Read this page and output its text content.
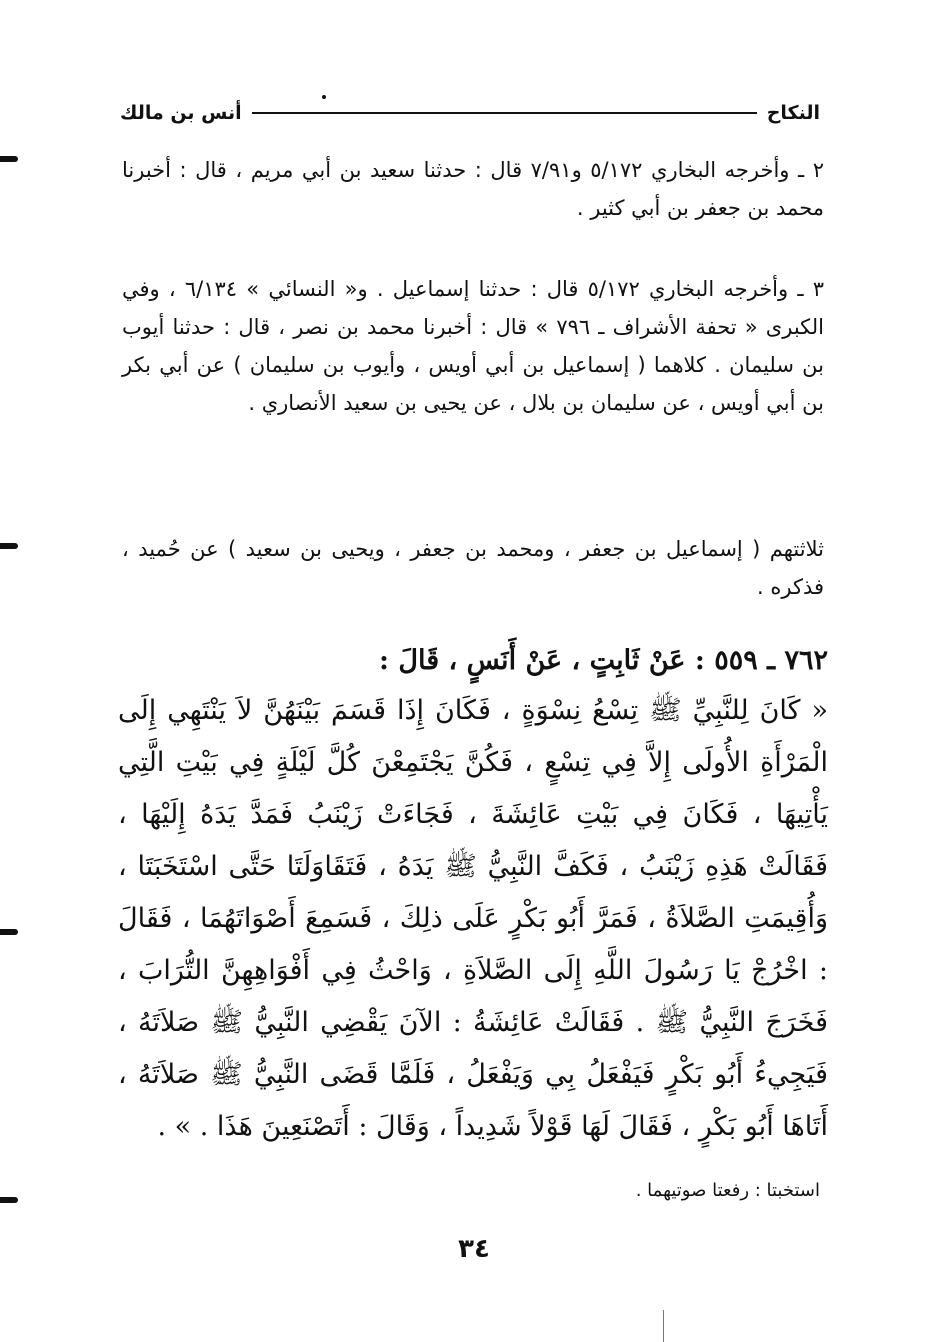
النكاح
أنس بن مالك

٢ ـ وأخرجه البخاري ٥/١٧٢ و٧/٩١ قال : حدثنا سعيد بن أبي مريم ، قال : أخبرنا محمد بن جعفر بن أبي كثير .

٣ ـ وأخرجه البخاري ٥/١٧٢ قال : حدثنا إسماعيل . و« النسائي » ٦/١٣٤ ، وفي الكبرى « تحفة الأشراف ـ ٧٩٦ » قال : أخبرنا محمد بن نصر ، قال : حدثنا أيوب بن سليمان . كلاهما ( إسماعيل بن أبي أويس ، وأيوب بن سليمان ) عن أبي بكر بن أبي أويس ، عن سليمان بن بلال ، عن يحيى بن سعيد الأنصاري .

ثلاثتهم ( إسماعيل بن جعفر ، ومحمد بن جعفر ، ويحيى بن سعيد ) عن حُميد ، فذكره .

٧٦٢ ـ ٥٥٩ : عَنْ ثَابِتٍ ، عَنْ أَنَسٍ ، قَالَ :
« كَانَ لِلنَّبِيِّ ﷺ تِسْعُ نِسْوَةٍ ، فَكَانَ إِذَا قَسَمَ بَيْنَهُنَّ لاَ يَنْتَهِي إِلَى الْمَرْأَةِ الأُولَى إِلاَّ فِي تِسْعٍ ، فَكُنَّ يَجْتَمِعْنَ كُلَّ لَيْلَةٍ فِي بَيْتِ الَّتِي يَأْتِيهَا ، فَكَانَ فِي بَيْتِ عَائِشَةَ ، فَجَاءَتْ زَيْنَبُ فَمَدَّ يَدَهُ إِلَيْهَا ، فَقَالَتْ هَذِهِ زَيْنَبُ ، فَكَفَّ النَّبِيُّ ﷺ يَدَهُ ، فَتَقَاوَلَتَا حَتَّى اسْتَخَبَتَا ، وَأُقِيمَتِ الصَّلاَةُ ، فَمَرَّ أَبُو بَكْرٍ عَلَى ذلِكَ ، فَسَمِعَ أَصْوَاتَهُمَا ، فَقَالَ : اخْرُجْ يَا رَسُولَ اللَّهِ إِلَى الصَّلاَةِ ، وَاحْثُ فِي أَفْوَاهِهِنَّ التُّرَابَ ، فَخَرَجَ النَّبِيُّ ﷺ . فَقَالَتْ عَائِشَةُ : الآنَ يَقْضِي النَّبِيُّ ﷺ صَلاَتَهُ ، فَيَجِيءُ أَبُو بَكْرٍ فَيَفْعَلُ بِي وَيَفْعَلُ ، فَلَمَّا قَضَى النَّبِيُّ ﷺ صَلاَتَهُ ، أَتَاهَا أَبُو بَكْرٍ ، فَقَالَ لَهَا قَوْلاً شَدِيداً ، وَقَالَ : أَتَصْنَعِينَ هَذَا . » .
استخبتا : رفعتا صوتيهما .
٣٤
